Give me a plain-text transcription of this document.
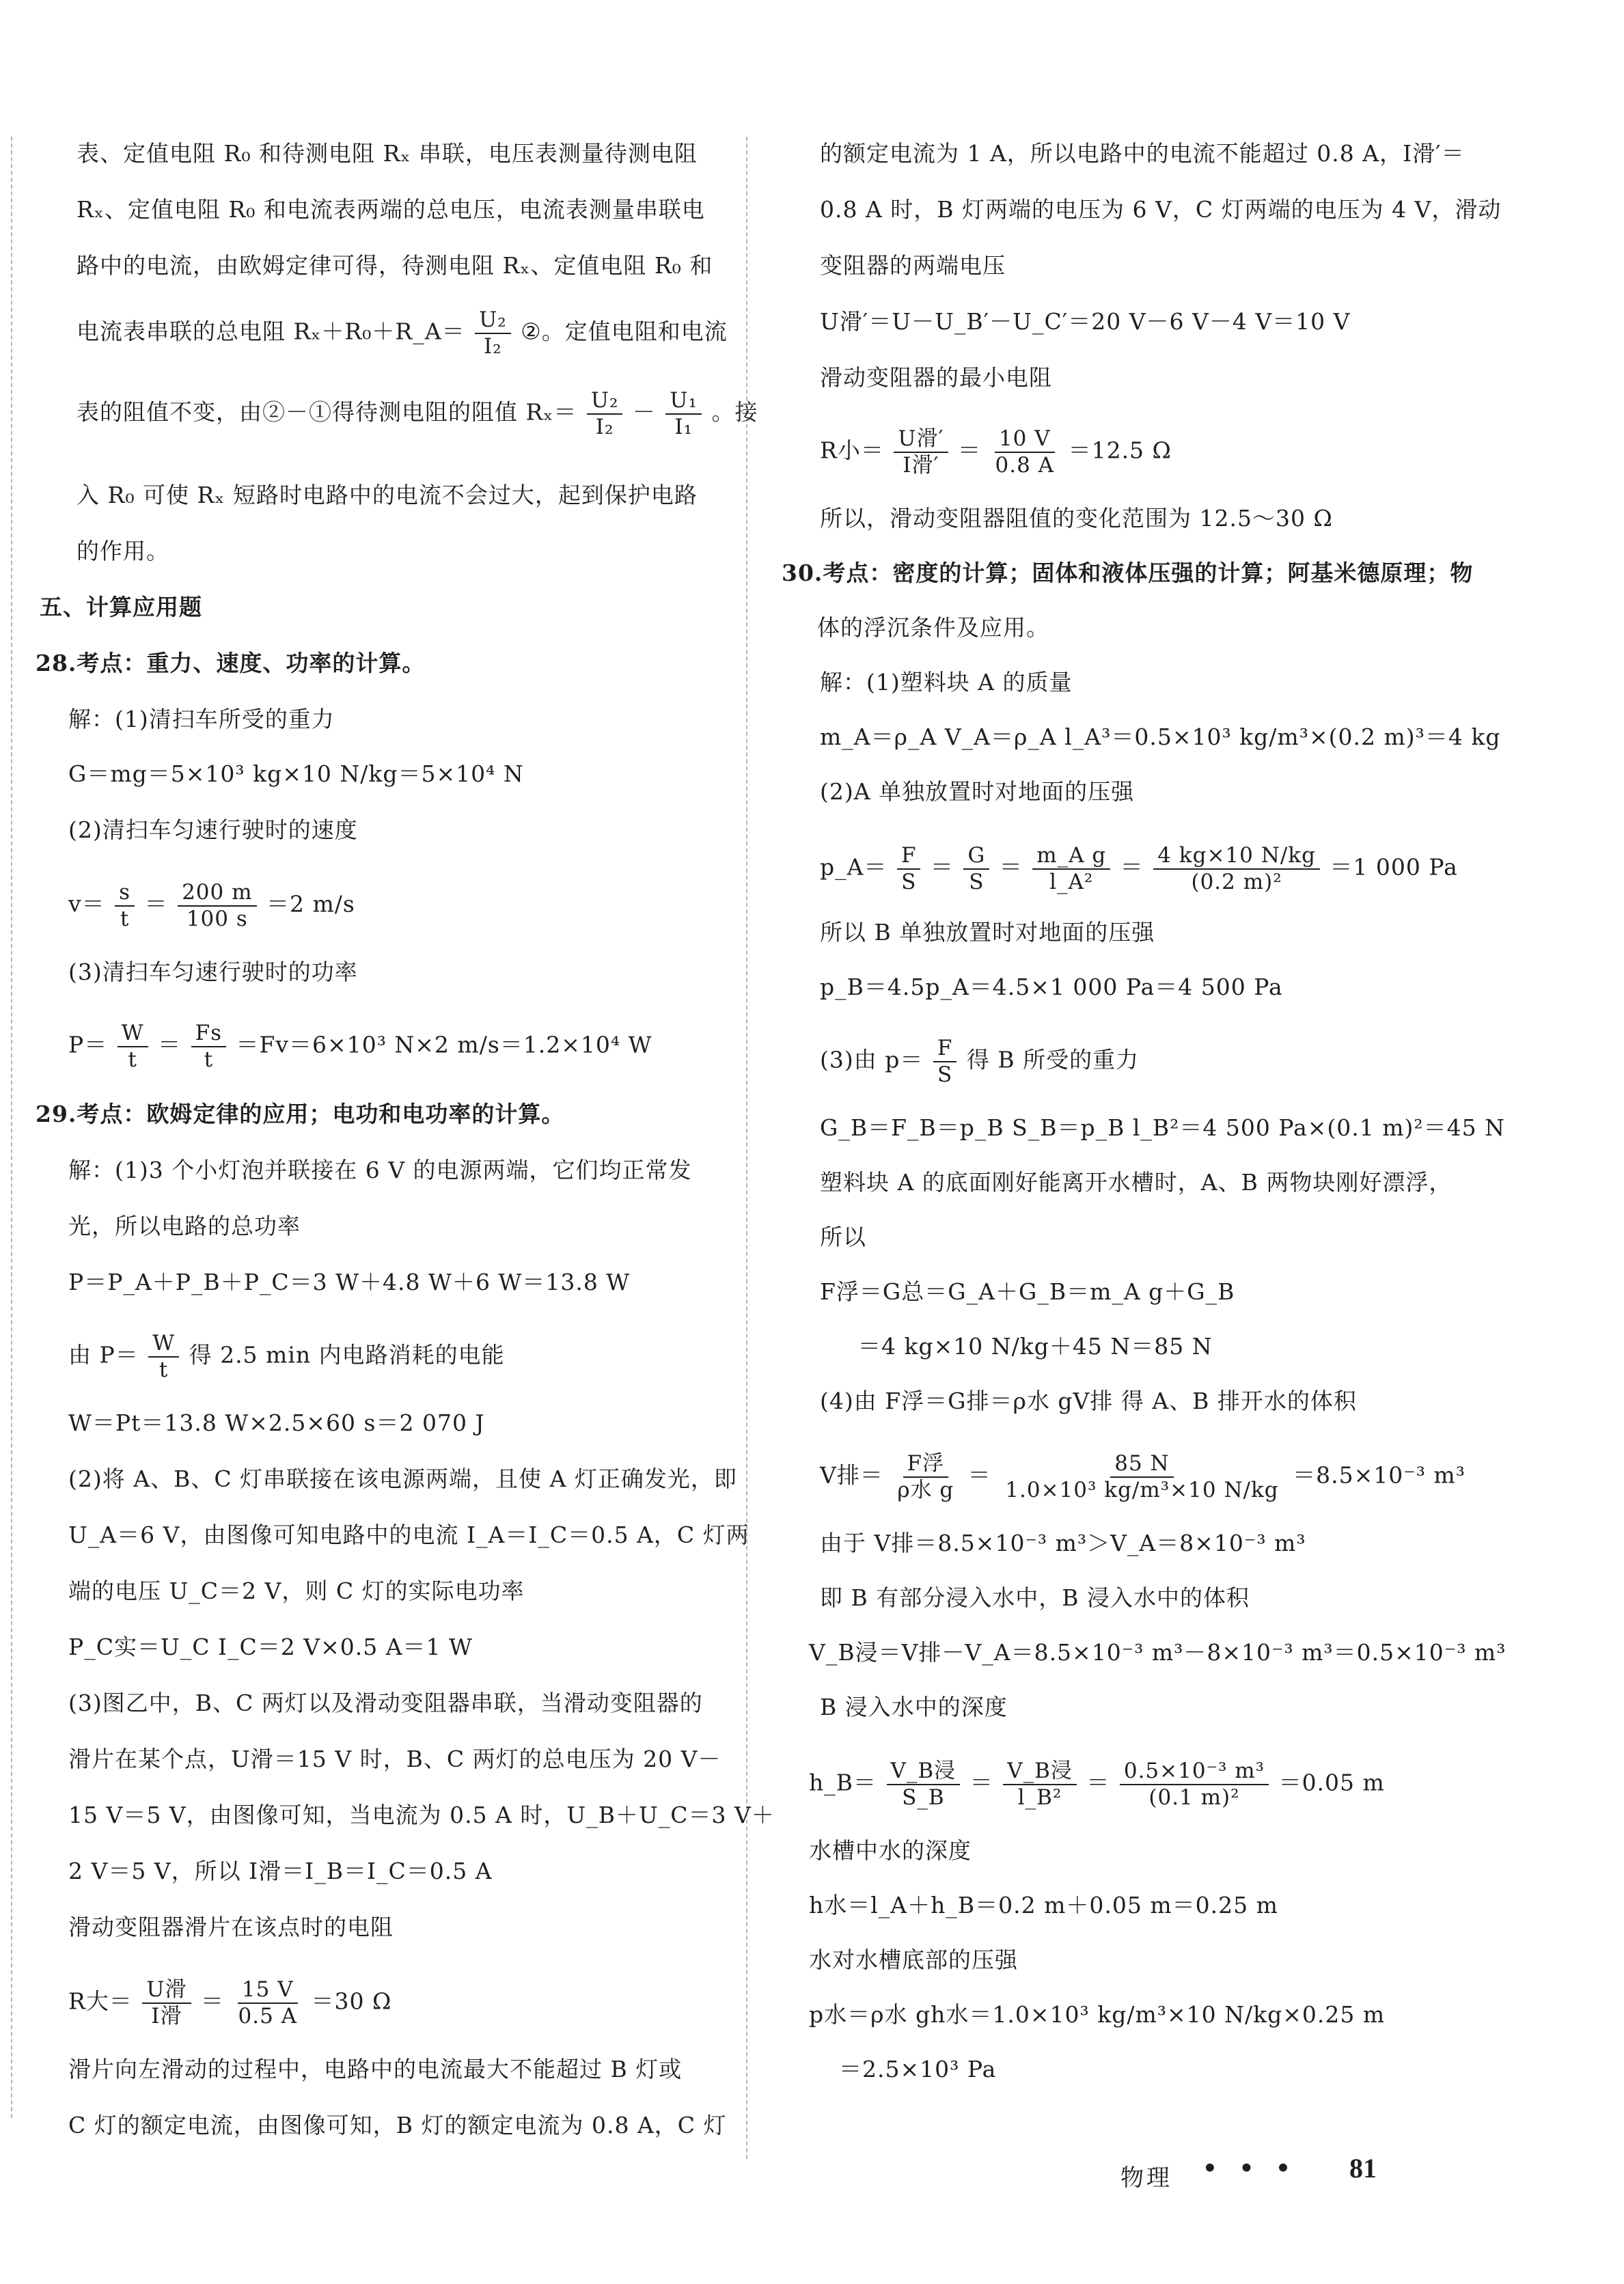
表、定值电阻 R₀ 和待测电阻 Rₓ 串联，电压表测量待测电阻
Rₓ、定值电阻 R₀ 和电流表两端的总电压，电流表测量串联电
路中的电流，由欧姆定律可得，待测电阻 Rₓ、定值电阻 R₀ 和
电流表串联的总电阻 Rₓ＋R₀＋R_A＝ $\frac{\text{U₂}}{\text{I₂}}$ ②。定值电阻和电流
表的阻值不变，由②－①得待测电阻的阻值 $R_x= \frac{\text{U₂}}{\text{I₂}} - \frac{\text{U₁}}{\text{I₁}}$ 。接
入 R₀ 可使 Rₓ 短路时电路中的电流不会过大，起到保护电路
的作用。
五、计算应用题
28.考点：重力、速度、功率的计算。
解：(1)清扫车所受的重力
G＝mg＝5×10³ kg×10 N/kg＝5×10⁴ N
(2)清扫车匀速行驶时的速度
$v= \frac{s}{t} = \frac{200 m}{100 s} =2$ m/s
(3)清扫车匀速行驶时的功率
$P= \frac{W}{t} = \frac{Fs}{t} =Fv=6\times 10^3$ N×2 m/s＝1.2×10⁴ W
29.考点：欧姆定律的应用；电功和电功率的计算。
解：(1)3 个小灯泡并联接在 6 V 的电源两端，它们均正常发
光，所以电路的总功率
P＝P_A＋P_B＋P_C＝3 W＋4.8 W＋6 W＝13.8 W
由 $P= \frac{W}{t}$ 得 2.5 min 内电路消耗的电能
W＝Pt＝13.8 W×2.5×60 s＝2 070 J
(2)将 A、B、C 灯串联接在该电源两端，且使 A 灯正确发光，即
U_A＝6 V，由图像可知电路中的电流 I_A＝I_C＝0.5 A，C 灯两
端的电压 U_C＝2 V，则 C 灯的实际电功率
P_C实＝U_C I_C＝2 V×0.5 A＝1 W
(3)图乙中，B、C 两灯以及滑动变阻器串联，当滑动变阻器的
滑片在某个点，U滑＝15 V 时，B、C 两灯的总电压为 20 V－
15 V＝5 V，由图像可知，当电流为 0.5 A 时，U_B＋U_C＝3 V＋
2 V＝5 V，所以 I滑＝I_B＝I_C＝0.5 A
滑动变阻器滑片在该点时的电阻
R大＝ $\frac{\text{U滑}}{\text{I滑}} = \frac{15 V}{0.5 A} =30$ Ω
滑片向左滑动的过程中，电路中的电流最大不能超过 B 灯或
C 灯的额定电流，由图像可知，B 灯的额定电流为 0.8 A，C 灯
的额定电流为 1 A，所以电路中的电流不能超过 0.8 A，I滑′＝
0.8 A 时，B 灯两端的电压为 6 V，C 灯两端的电压为 4 V，滑动
变阻器的两端电压
U滑′＝U－U_B′－U_C′＝20 V－6 V－4 V＝10 V
滑动变阻器的最小电阻
R小＝ $\frac{\text{U滑′}}{\text{I滑′}} = \frac{10 V}{0.8 A} =12.5$ Ω
所以，滑动变阻器阻值的变化范围为 12.5～30 Ω
30.考点：密度的计算；固体和液体压强的计算；阿基米德原理；物
体的浮沉条件及应用。
解：(1)塑料块 A 的质量
m_A＝ρ_A V_A＝ρ_A l_A³＝0.5×10³ kg/m³×(0.2 m)³＝4 kg
(2)A 单独放置时对地面的压强
p_A＝ $\frac{F}{S} = \frac{G}{S} = \frac{\text{m\_A g}}{\text{l\_A²}} = \frac{4 kg\times 10 N/kg}{\text{(0.2 m)²}} =1$ 000 Pa
所以 B 单独放置时对地面的压强
p_B＝4.5p_A＝4.5×1 000 Pa＝4 500 Pa
(3)由 $p= \frac{F}{S}$ 得 B 所受的重力
G_B＝F_B＝p_B S_B＝p_B l_B²＝4 500 Pa×(0.1 m)²＝45 N
塑料块 A 的底面刚好能离开水槽时，A、B 两物块刚好漂浮，
所以
F浮＝G总＝G_A＋G_B＝m_A g＋G_B
＝4 kg×10 N/kg＋45 N＝85 N
(4)由 F浮＝G排＝ρ水 gV排 得 A、B 排开水的体积
V排＝ $\frac{\text{F浮}}{\text{ρ水 g}} = \frac{85 N}{\text{1.0×10³ kg/m³×10 N/kg}} =8.5\times 10^{-3}$ m³
由于 V排＝8.5×10⁻³ m³＞V_A＝8×10⁻³ m³
即 B 有部分浸入水中，B 浸入水中的体积
V_B浸＝V排－V_A＝8.5×10⁻³ m³－8×10⁻³ m³＝0.5×10⁻³ m³
B 浸入水中的深度
h_B＝ $\frac{\text{V\_B浸}}{S\_B} = \frac{\text{V\_B浸}}{\text{l\_B²}} = \frac{\text{0.5×10⁻³ m³}}{\text{(0.1 m)²}} =0.05$ m
水槽中水的深度
h水＝l_A＋h_B＝0.2 m＋0.05 m＝0.25 m
水对水槽底部的压强
p水＝ρ水 gh水＝1.0×10³ kg/m³×10 N/kg×0.25 m
＝2.5×10³ Pa
物理 • • • 81
